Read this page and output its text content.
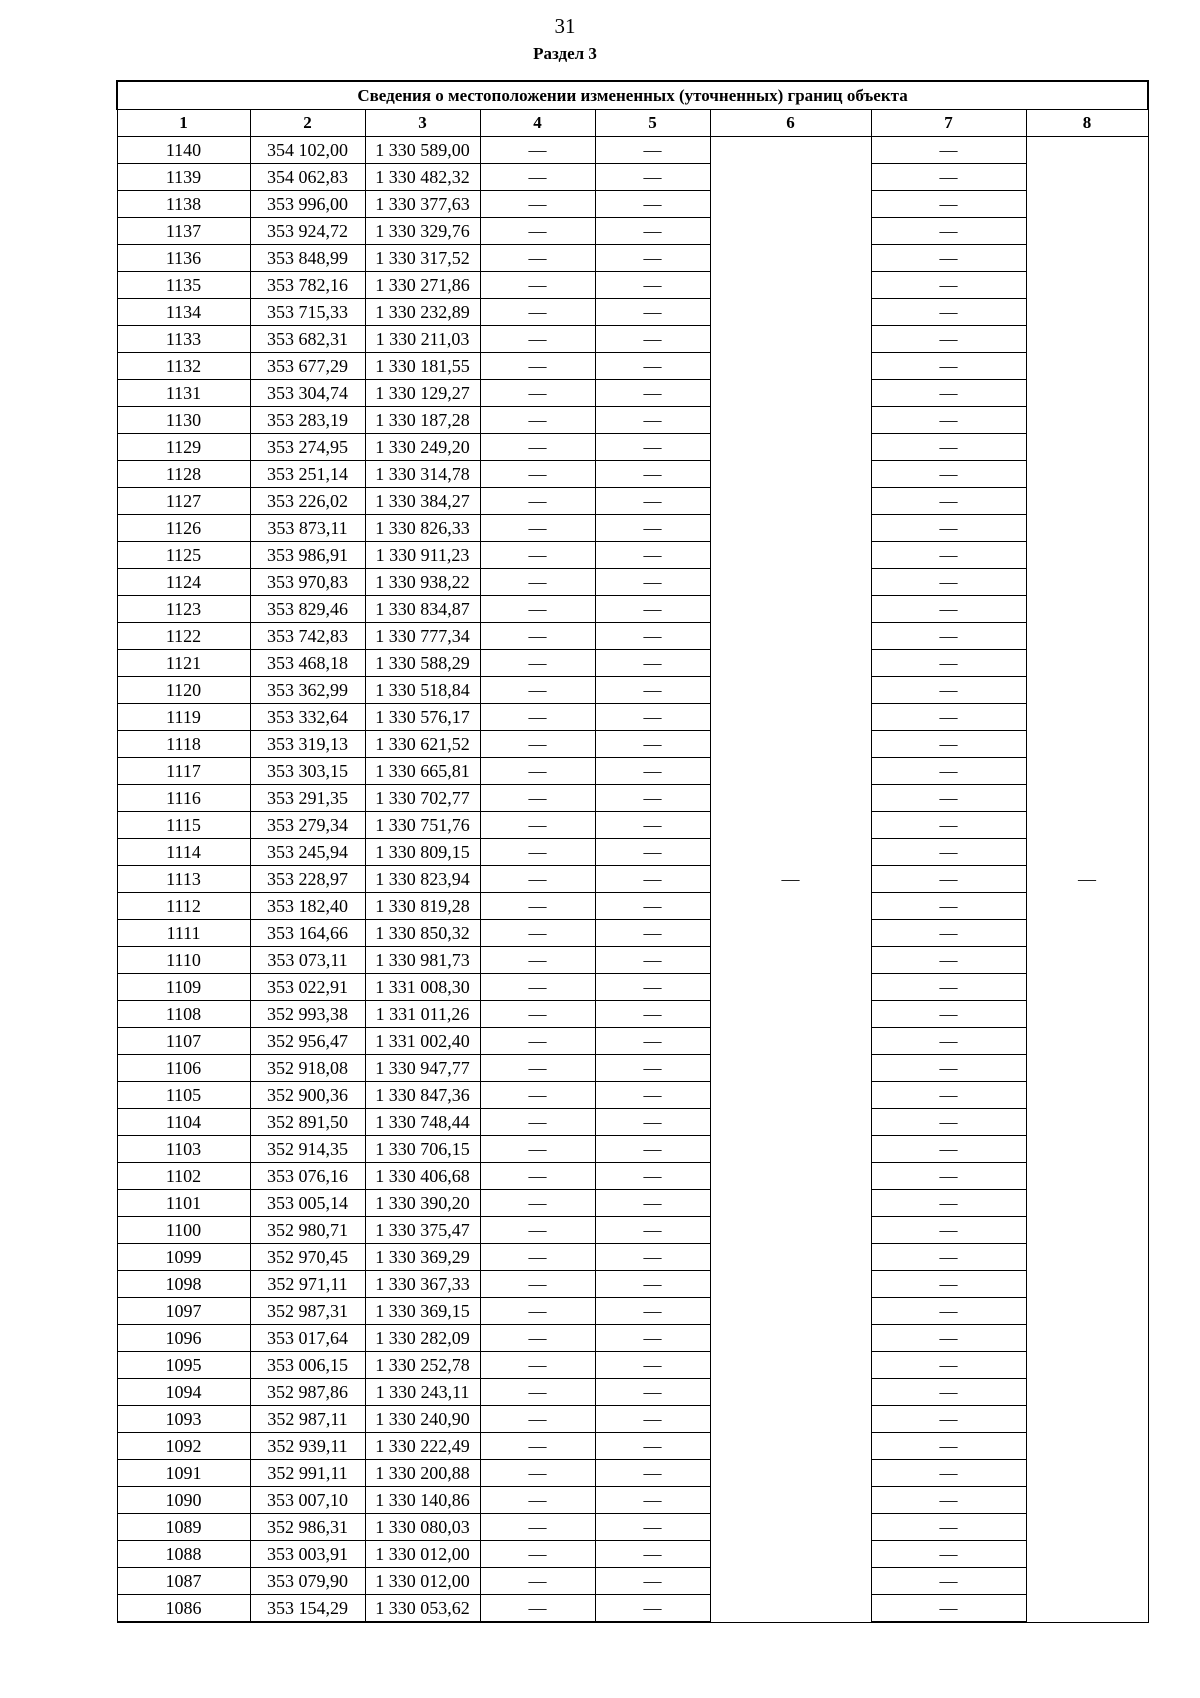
31
Раздел 3
Сведения о местоположении измененных (уточненных) границ объекта							
1	2	3	4	5	6	7	8
1140	354 102,00	1 330 589,00	—	—	—	—	—
1139	354 062,83	1 330 482,32	—	—		—	
1138	353 996,00	1 330 377,63	—	—		—	
1137	353 924,72	1 330 329,76	—	—		—	
1136	353 848,99	1 330 317,52	—	—		—	
1135	353 782,16	1 330 271,86	—	—		—	
1134	353 715,33	1 330 232,89	—	—		—	
1133	353 682,31	1 330 211,03	—	—		—	
1132	353 677,29	1 330 181,55	—	—		—	
1131	353 304,74	1 330 129,27	—	—		—	
1130	353 283,19	1 330 187,28	—	—		—	
1129	353 274,95	1 330 249,20	—	—		—	
1128	353 251,14	1 330 314,78	—	—		—	
1127	353 226,02	1 330 384,27	—	—		—	
1126	353 873,11	1 330 826,33	—	—		—	
1125	353 986,91	1 330 911,23	—	—		—	
1124	353 970,83	1 330 938,22	—	—		—	
1123	353 829,46	1 330 834,87	—	—		—	
1122	353 742,83	1 330 777,34	—	—		—	
1121	353 468,18	1 330 588,29	—	—		—	
1120	353 362,99	1 330 518,84	—	—		—	
1119	353 332,64	1 330 576,17	—	—		—	
1118	353 319,13	1 330 621,52	—	—		—	
1117	353 303,15	1 330 665,81	—	—		—	
1116	353 291,35	1 330 702,77	—	—		—	
1115	353 279,34	1 330 751,76	—	—		—	
1114	353 245,94	1 330 809,15	—	—		—	
1113	353 228,97	1 330 823,94	—	—		—	
1112	353 182,40	1 330 819,28	—	—		—	
1111	353 164,66	1 330 850,32	—	—		—	
1110	353 073,11	1 330 981,73	—	—		—	
1109	353 022,91	1 331 008,30	—	—		—	
1108	352 993,38	1 331 011,26	—	—		—	
1107	352 956,47	1 331 002,40	—	—		—	
1106	352 918,08	1 330 947,77	—	—		—	
1105	352 900,36	1 330 847,36	—	—		—	
1104	352 891,50	1 330 748,44	—	—		—	
1103	352 914,35	1 330 706,15	—	—		—	
1102	353 076,16	1 330 406,68	—	—		—	
1101	353 005,14	1 330 390,20	—	—		—	
1100	352 980,71	1 330 375,47	—	—		—	
1099	352 970,45	1 330 369,29	—	—		—	
1098	352 971,11	1 330 367,33	—	—		—	
1097	352 987,31	1 330 369,15	—	—		—	
1096	353 017,64	1 330 282,09	—	—		—	
1095	353 006,15	1 330 252,78	—	—		—	
1094	352 987,86	1 330 243,11	—	—		—	
1093	352 987,11	1 330 240,90	—	—		—	
1092	352 939,11	1 330 222,49	—	—		—	
1091	352 991,11	1 330 200,88	—	—		—	
1090	353 007,10	1 330 140,86	—	—		—	
1089	352 986,31	1 330 080,03	—	—		—	
1088	353 003,91	1 330 012,00	—	—		—	
1087	353 079,90	1 330 012,00	—	—		—	
1086	353 154,29	1 330 053,62	—	—		—	
